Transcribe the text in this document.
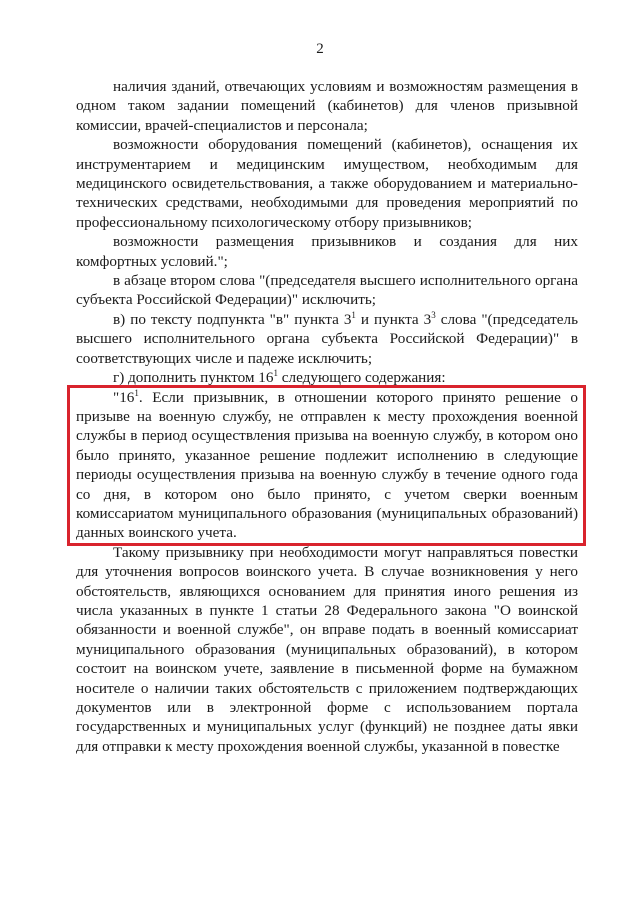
2

наличия зданий, отвечающих условиям и возможностям размещения в одном таком задании помещений (кабинетов) для членов призывной комиссии, врачей-специалистов и персонала;

возможности оборудования помещений (кабинетов), оснащения их инструментарием и медицинским имуществом, необходимым для медицинского освидетельствования, а также оборудованием и материально-технических средствами, необходимыми для проведения мероприятий по профессиональному психологическому отбору призывников;

возможности размещения призывников и создания для них комфортных условий.";

в абзаце втором слова "(председателя высшего исполнительного органа субъекта Российской Федерации)" исключить;

в) по тексту подпункта "в" пункта $3^1$ и пункта $3^3$ слова "(председатель высшего исполнительного органа субъекта Российской Федерации)" в соответствующих числе и падеже исключить;

г) дополнить пунктом $16^1$ следующего содержания:

"$16^1$. Если призывник, в отношении которого принято решение о призыве на военную службу, не отправлен к месту прохождения военной службы в период осуществления призыва на военную службу, в котором оно было принято, указанное решение подлежит исполнению в следующие периоды осуществления призыва на военную службу в течение одного года со дня, в котором оно было принято, с учетом сверки военным комиссариатом муниципального образования (муниципальных образований) данных воинского учета.

Такому призывнику при необходимости могут направляться повестки для уточнения вопросов воинского учета. В случае возникновения у него обстоятельств, являющихся основанием для принятия иного решения из числа указанных в пункте 1 статьи 28 Федерального закона "О воинской обязанности и военной службе", он вправе подать в военный комиссариат муниципального образования (муниципальных образований), в котором состоит на воинском учете, заявление в письменной форме на бумажном носителе о наличии таких обстоятельств с приложением подтверждающих документов или в электронной форме с использованием портала государственных и муниципальных услуг (функций) не позднее даты явки для отправки к месту прохождения военной службы, указанной в повестке
